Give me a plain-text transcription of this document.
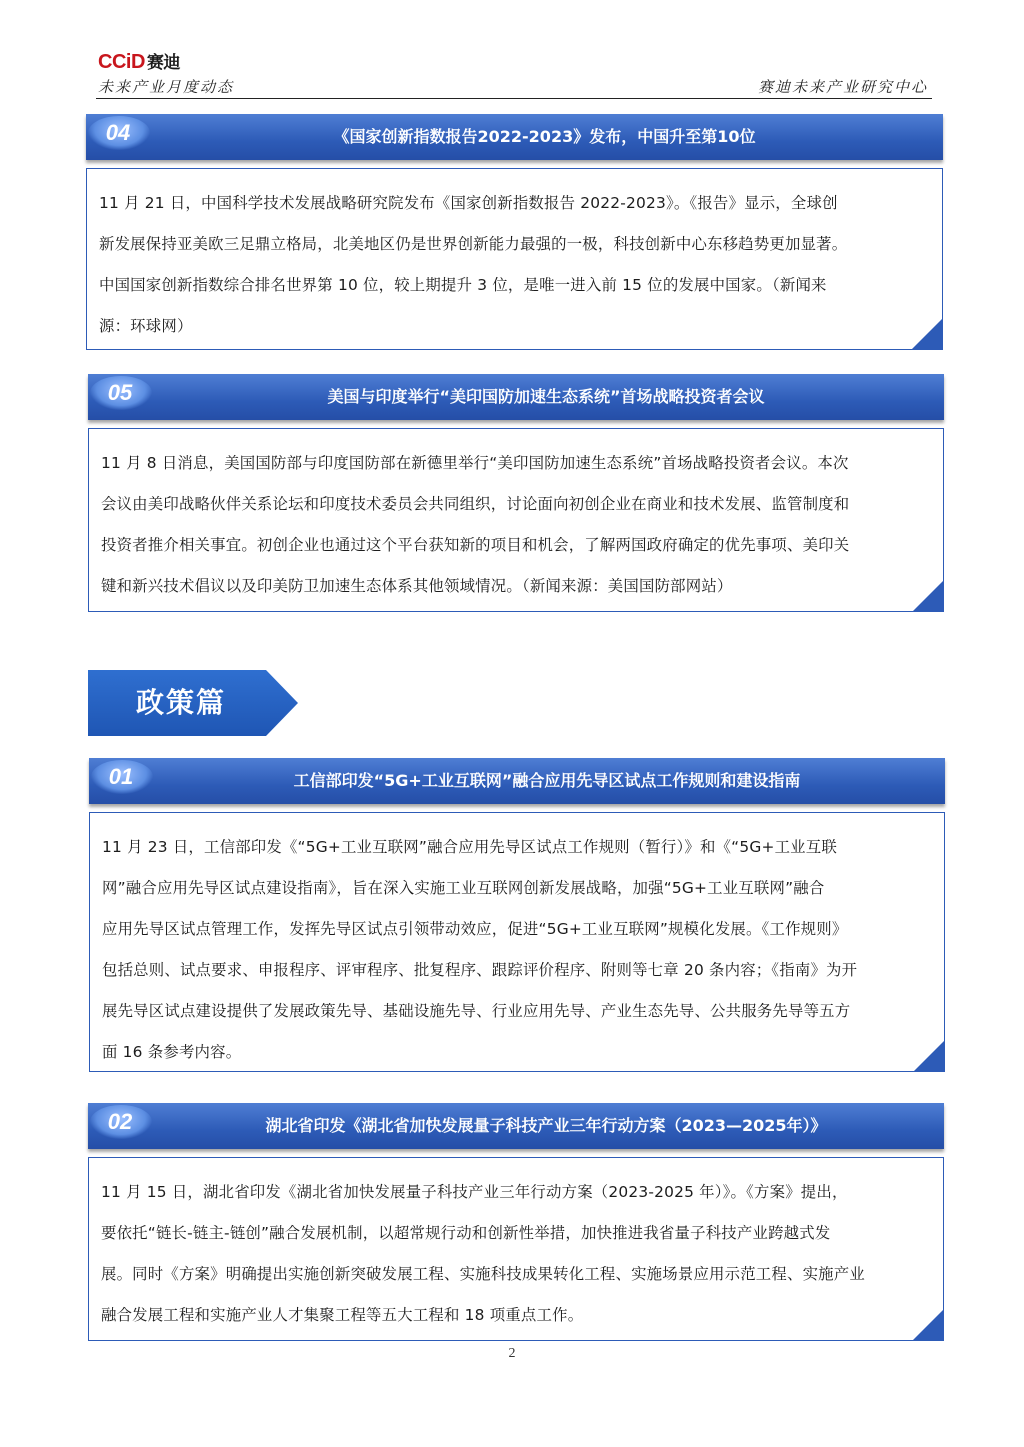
CCiD 赛迪
未来产业月度动态	赛迪未来产业研究中心
04	《国家创新指数报告2022-2023》发布，中国升至第10位
11 月 21 日，中国科学技术发展战略研究院发布《国家创新指数报告 2022-2023》。《报告》显示，全球创
新发展保持亚美欧三足鼎立格局，北美地区仍是世界创新能力最强的一极，科技创新中心东移趋势更加显著。
中国国家创新指数综合排名世界第 10 位，较上期提升 3 位，是唯一进入前 15 位的发展中国家。（新闻来
源：环球网）
05	美国与印度举行“美印国防加速生态系统”首场战略投资者会议
11 月 8 日消息，美国国防部与印度国防部在新德里举行“美印国防加速生态系统”首场战略投资者会议。本次
会议由美印战略伙伴关系论坛和印度技术委员会共同组织，讨论面向初创企业在商业和技术发展、监管制度和
投资者推介相关事宜。初创企业也通过这个平台获知新的项目和机会，了解两国政府确定的优先事项、美印关
键和新兴技术倡议以及印美防卫加速生态体系其他领域情况。（新闻来源：美国国防部网站）
政策篇
01	工信部印发“5G+工业互联网”融合应用先导区试点工作规则和建设指南
11 月 23 日，工信部印发《“5G+工业互联网”融合应用先导区试点工作规则（暂行）》和《“5G+工业互联
网”融合应用先导区试点建设指南》，旨在深入实施工业互联网创新发展战略，加强“5G+工业互联网”融合
应用先导区试点管理工作，发挥先导区试点引领带动效应，促进“5G+工业互联网”规模化发展。《工作规则》
包括总则、试点要求、申报程序、评审程序、批复程序、跟踪评价程序、附则等七章 20 条内容；《指南》为开
展先导区试点建设提供了发展政策先导、基础设施先导、行业应用先导、产业生态先导、公共服务先导等五方
面 16 条参考内容。
02	湖北省印发《湖北省加快发展量子科技产业三年行动方案（2023—2025年）》
11 月 15 日，湖北省印发《湖北省加快发展量子科技产业三年行动方案（2023-2025 年）》。《方案》提出，
要依托“链长-链主-链创”融合发展机制，以超常规行动和创新性举措，加快推进我省量子科技产业跨越式发
展。同时《方案》明确提出实施创新突破发展工程、实施科技成果转化工程、实施场景应用示范工程、实施产业
融合发展工程和实施产业人才集聚工程等五大工程和 18 项重点工作。
2
